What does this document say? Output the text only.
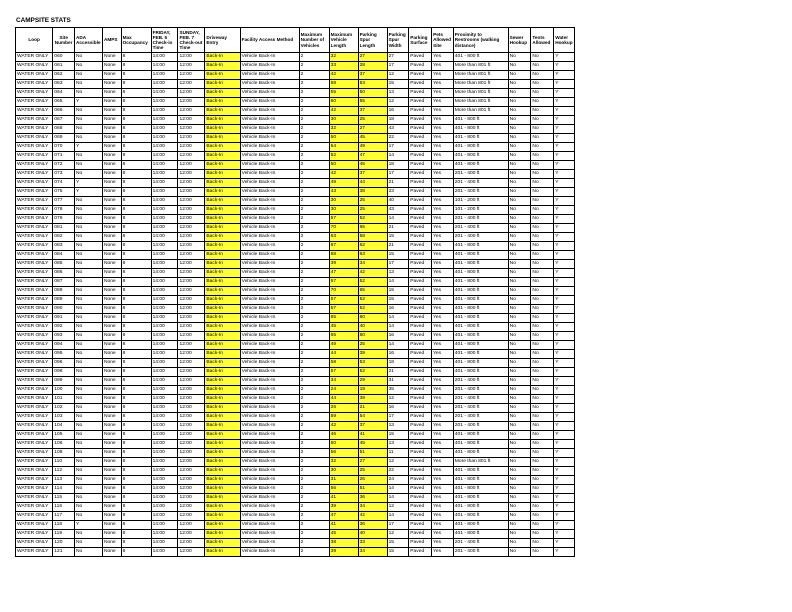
CAMPSITE STATS
Loop	Site Number	ADA Accessible	AMPS	Max Occupancy	FRIDAY, FEB. 5 Check-in Time	SUNDAY, FEB. 7 Check-out Time	Driveway Entry	Facility Access Method	Maximum Number of Vehicles	Maximum Vehicle Length	Parking Spur Length	Parking Spur Width	Parking Surface	Pets Allowed Site	Proximity to Restrooms (walking distance)	Sewer Hookup	Tents Allowed	Water Hookup
WATER ONLY	060	No	None	8	14:00	12:00	Back-In	Vehicle Back-In	2	32	27	27	Paved	Yes	401 - 800 ft	No	No	Y
WATER ONLY	061	No	None	8	14:00	12:00	Back-In	Vehicle Back-In	2	33	28	17	Paved	Yes	More than 801 ft	No	No	Y
WATER ONLY	062	No	None	8	14:00	12:00	Back-In	Vehicle Back-In	2	42	37	12	Paved	Yes	More than 801 ft	No	No	Y
WATER ONLY	063	No	None	8	14:00	12:00	Back-In	Vehicle Back-In	2	58	53	15	Paved	Yes	More than 801 ft	No	No	Y
WATER ONLY	064	No	None	8	14:00	12:00	Back-In	Vehicle Back-In	2	55	50	13	Paved	Yes	More than 801 ft	No	No	Y
WATER ONLY	065	Y	None	8	14:00	12:00	Back-In	Vehicle Back-In	2	60	55	12	Paved	Yes	More than 801 ft	No	No	Y
WATER ONLY	066	No	None	8	14:00	12:00	Back-In	Vehicle Back-In	2	42	37	16	Paved	Yes	More than 801 ft	No	No	Y
WATER ONLY	067	No	None	8	14:00	12:00	Back-In	Vehicle Back-In	2	30	25	18	Paved	Yes	401 - 800 ft	No	No	Y
WATER ONLY	068	No	None	8	14:00	12:00	Back-In	Vehicle Back-In	2	32	27	43	Paved	Yes	401 - 800 ft	No	No	Y
WATER ONLY	069	No	None	8	14:00	12:00	Back-In	Vehicle Back-In	2	50	45	22	Paved	Yes	401 - 800 ft	No	No	Y
WATER ONLY	070	Y	None	8	14:00	12:00	Back-In	Vehicle Back-In	2	54	49	17	Paved	Yes	401 - 800 ft	No	No	Y
WATER ONLY	071	No	None	8	14:00	12:00	Back-In	Vehicle Back-In	2	52	47	14	Paved	Yes	401 - 800 ft	No	No	Y
WATER ONLY	072	No	None	8	14:00	12:00	Back-In	Vehicle Back-In	2	50	45	18	Paved	Yes	401 - 800 ft	No	No	Y
WATER ONLY	073	No	None	8	14:00	12:00	Back-In	Vehicle Back-In	2	42	37	17	Paved	Yes	201 - 400 ft	No	No	Y
WATER ONLY	074	Y	None	8	14:00	12:00	Back-In	Vehicle Back-In	2	49	44	21	Paved	Yes	201 - 400 ft	No	No	Y
WATER ONLY	075	Y	None	8	14:00	12:00	Back-In	Vehicle Back-In	2	43	38	23	Paved	Yes	201 - 400 ft	No	No	Y
WATER ONLY	077	No	None	8	14:00	12:00	Back-In	Vehicle Back-In	2	30	25	40	Paved	Yes	101 - 200 ft	No	No	Y
WATER ONLY	078	No	None	8	14:00	12:00	Back-In	Vehicle Back-In	2	30	25	43	Paved	Yes	101 - 200 ft	No	No	Y
WATER ONLY	079	No	None	8	14:00	12:00	Back-In	Vehicle Back-In	2	57	52	14	Paved	Yes	201 - 400 ft	No	No	Y
WATER ONLY	081	No	None	8	14:00	12:00	Back-In	Vehicle Back-In	2	70	65	21	Paved	Yes	201 - 400 ft	No	No	Y
WATER ONLY	082	No	None	8	14:00	12:00	Back-In	Vehicle Back-In	2	63	58	15	Paved	Yes	201 - 400 ft	No	No	Y
WATER ONLY	083	No	None	8	14:00	12:00	Back-In	Vehicle Back-In	2	67	62	21	Paved	Yes	401 - 800 ft	No	No	Y
WATER ONLY	084	No	None	8	14:00	12:00	Back-In	Vehicle Back-In	2	68	63	15	Paved	Yes	401 - 800 ft	No	No	Y
WATER ONLY	085	No	None	8	14:00	12:00	Back-In	Vehicle Back-In	2	39	34	17	Paved	Yes	401 - 800 ft	No	No	Y
WATER ONLY	086	No	None	8	14:00	12:00	Back-In	Vehicle Back-In	2	47	42	13	Paved	Yes	401 - 800 ft	No	No	Y
WATER ONLY	087	No	None	8	14:00	12:00	Back-In	Vehicle Back-In	2	57	52	14	Paved	Yes	401 - 800 ft	No	No	Y
WATER ONLY	089	No	None	8	14:00	12:00	Back-In	Vehicle Back-In	2	70	65	15	Paved	Yes	401 - 800 ft	No	No	Y
WATER ONLY	089	No	None	8	14:00	12:00	Back-In	Vehicle Back-In	2	57	52	15	Paved	Yes	401 - 800 ft	No	No	Y
WATER ONLY	090	No	None	8	14:00	12:00	Back-In	Vehicle Back-In	2	57	52	16	Paved	Yes	401 - 800 ft	No	No	Y
WATER ONLY	091	No	None	8	14:00	12:00	Back-In	Vehicle Back-In	2	65	60	14	Paved	Yes	401 - 800 ft	No	No	Y
WATER ONLY	092	No	None	8	14:00	12:00	Back-In	Vehicle Back-In	2	45	40	14	Paved	Yes	401 - 800 ft	No	No	Y
WATER ONLY	093	No	None	8	14:00	12:00	Back-In	Vehicle Back-In	2	65	60	16	Paved	Yes	401 - 800 ft	No	No	Y
WATER ONLY	094	No	None	8	14:00	12:00	Back-In	Vehicle Back-In	2	49	25	14	Paved	Yes	401 - 800 ft	No	No	Y
WATER ONLY	095	No	None	8	14:00	12:00	Back-In	Vehicle Back-In	2	44	39	16	Paved	Yes	401 - 800 ft	No	No	Y
WATER ONLY	096	No	None	8	14:00	12:00	Back-In	Vehicle Back-In	2	58	53	18	Paved	Yes	401 - 800 ft	No	No	Y
WATER ONLY	098	No	None	8	14:00	12:00	Back-In	Vehicle Back-In	2	57	52	21	Paved	Yes	401 - 800 ft	No	No	Y
WATER ONLY	099	No	None	8	14:00	12:00	Back-In	Vehicle Back-In	2	34	29	31	Paved	Yes	201 - 400 ft	No	No	Y
WATER ONLY	100	No	None	8	14:00	12:00	Back-In	Vehicle Back-In	2	24	19	35	Paved	Yes	201 - 400 ft	No	No	Y
WATER ONLY	101	No	None	8	14:00	12:00	Back-In	Vehicle Back-In	2	44	39	12	Paved	Yes	201 - 400 ft	No	No	Y
WATER ONLY	102	No	None	8	14:00	12:00	Back-In	Vehicle Back-In	2	26	21	16	Paved	Yes	201 - 400 ft	No	No	Y
WATER ONLY	103	No	None	8	14:00	12:00	Back-In	Vehicle Back-In	2	59	54	17	Paved	Yes	201 - 400 ft	No	No	Y
WATER ONLY	104	No	None	8	14:00	12:00	Back-In	Vehicle Back-In	2	42	37	13	Paved	Yes	201 - 400 ft	No	No	Y
WATER ONLY	105	No	None	8	14:00	12:00	Back-In	Vehicle Back-In	2	46	41	15	Paved	Yes	401 - 800 ft	No	No	Y
WATER ONLY	106	No	None	8	14:00	12:00	Back-In	Vehicle Back-In	2	50	45	13	Paved	Yes	401 - 800 ft	No	No	Y
WATER ONLY	108	No	None	8	14:00	12:00	Back-In	Vehicle Back-In	2	56	51	11	Paved	Yes	401 - 800 ft	No	No	Y
WATER ONLY	110	No	None	8	14:00	12:00	Back-In	Vehicle Back-In	2	32	27	12	Paved	Yes	More than 801 ft	No	No	Y
WATER ONLY	112	No	None	8	14:00	12:00	Back-In	Vehicle Back-In	2	30	25	22	Paved	Yes	401 - 800 ft	No	No	Y
WATER ONLY	113	No	None	8	14:00	12:00	Back-In	Vehicle Back-In	2	31	26	24	Paved	Yes	401 - 800 ft	No	No	Y
WATER ONLY	114	No	None	8	14:00	12:00	Back-In	Vehicle Back-In	2	56	51	14	Paved	Yes	401 - 800 ft	No	No	Y
WATER ONLY	115	No	None	8	14:00	12:00	Back-In	Vehicle Back-In	2	41	36	14	Paved	Yes	401 - 800 ft	No	No	Y
WATER ONLY	116	No	None	8	14:00	12:00	Back-In	Vehicle Back-In	2	39	34	12	Paved	Yes	401 - 800 ft	No	No	Y
WATER ONLY	117	No	None	8	14:00	12:00	Back-In	Vehicle Back-In	2	47	42	14	Paved	Yes	401 - 800 ft	No	No	Y
WATER ONLY	118	Y	None	8	14:00	12:00	Back-In	Vehicle Back-In	2	41	36	17	Paved	Yes	401 - 800 ft	No	No	Y
WATER ONLY	119	No	None	8	14:00	12:00	Back-In	Vehicle Back-In	2	45	40	12	Paved	Yes	401 - 800 ft	No	No	Y
WATER ONLY	120	No	None	8	14:00	12:00	Back-In	Vehicle Back-In	2	38	33	15	Paved	Yes	201 - 400 ft	No	No	Y
WATER ONLY	121	No	None	8	14:00	12:00	Back-In	Vehicle Back-In	2	39	34	15	Paved	Yes	201 - 400 ft	No	No	Y
